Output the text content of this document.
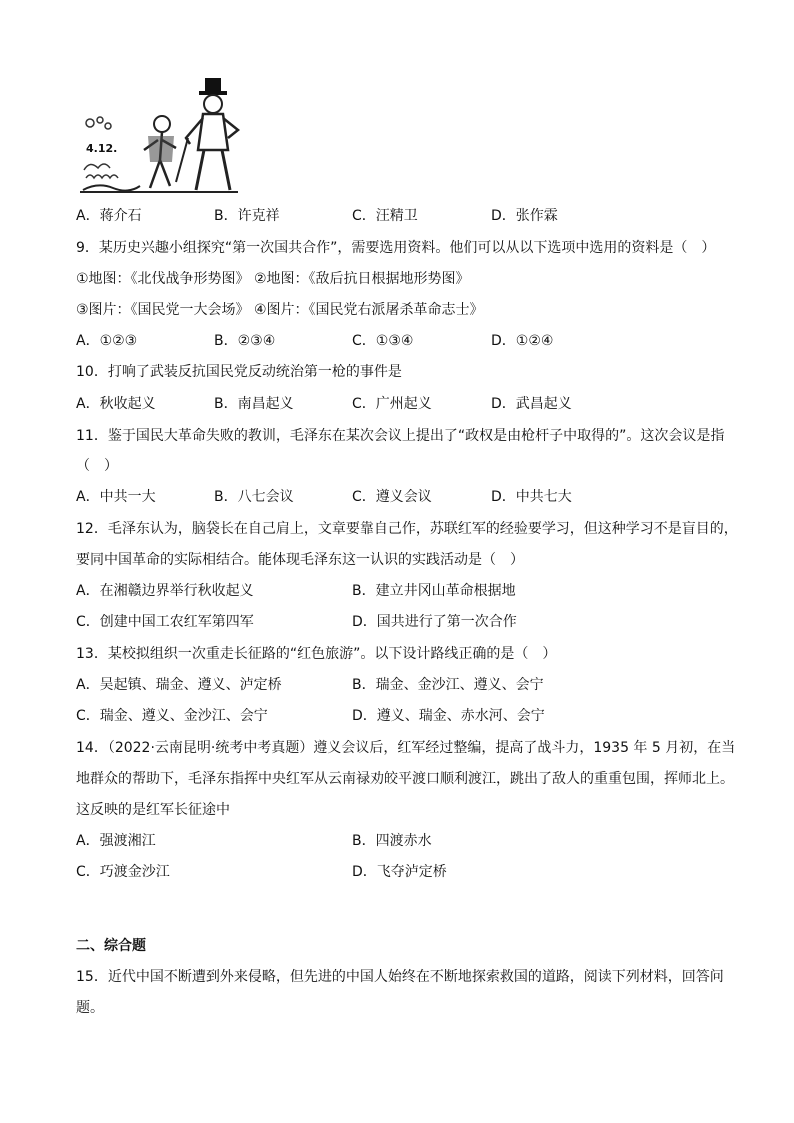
4.12.
A．蒋介石	B．许克祥	C．汪精卫	D．张作霖
9．某历史兴趣小组探究“第一次国共合作”，需要选用资料。他们可以从以下选项中选用的资料是（　）
①地图：《北伐战争形势图》 ②地图：《敌后抗日根据地形势图》
③图片：《国民党一大会场》 ④图片：《国民党右派屠杀革命志士》
A．①②③	B．②③④	C．①③④	D．①②④
10．打响了武装反抗国民党反动统治第一枪的事件是
A．秋收起义	B．南昌起义	C．广州起义	D．武昌起义
11．鉴于国民大革命失败的教训，毛泽东在某次会议上提出了“政权是由枪杆子中取得的”。这次会议是指
（　）
A．中共一大	B．八七会议	C．遵义会议	D．中共七大
12．毛泽东认为，脑袋长在自己肩上，文章要靠自己作，苏联红军的经验要学习，但这种学习不是盲目的，
要同中国革命的实际相结合。能体现毛泽东这一认识的实践活动是（　）
A．在湘赣边界举行秋收起义	B．建立井冈山革命根据地
C．创建中国工农红军第四军	D．国共进行了第一次合作
13．某校拟组织一次重走长征路的“红色旅游”。以下设计路线正确的是（　）
A．吴起镇、瑞金、遵义、泸定桥	B．瑞金、金沙江、遵义、会宁
C．瑞金、遵义、金沙江、会宁	D．遵义、瑞金、赤水河、会宁
14．（2022·云南昆明·统考中考真题）遵义会议后，红军经过整编，提高了战斗力，1935 年 5 月初，在当
地群众的帮助下，毛泽东指挥中央红军从云南禄劝皎平渡口顺利渡江，跳出了敌人的重重包围，挥师北上。
这反映的是红军长征途中
A．强渡湘江	B．四渡赤水
C．巧渡金沙江	D．飞夺泸定桥
二、综合题
15．近代中国不断遭到外来侵略，但先进的中国人始终在不断地探索救国的道路，阅读下列材料，回答问
题。
